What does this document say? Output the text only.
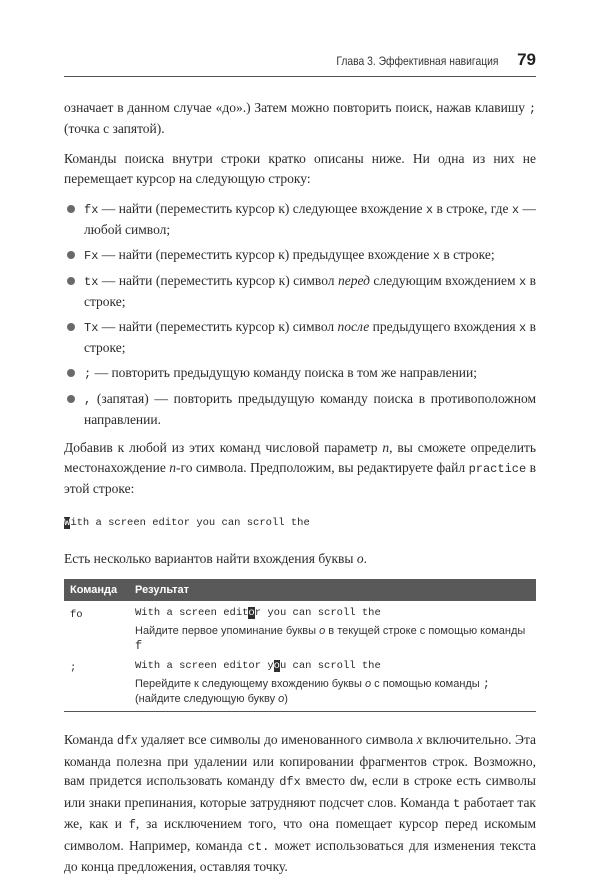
Глава 3. Эффективная навигация 79

означает в данном случае «до».) Затем можно повторить поиск, нажав клавишу ; (точка с запятой).

Команды поиска внутри строки кратко описаны ниже. Ни одна из них не перемещает курсор на следующую строку:

fx — найти (переместить курсор к) следующее вхождение x в строке, где x — любой символ;
Fx — найти (переместить курсор к) предыдущее вхождение x в строке;
tx — найти (переместить курсор к) символ перед следующим вхождением x в строке;
Tx — найти (переместить курсор к) символ после предыдущего вхождения x в строке;
; — повторить предыдущую команду поиска в том же направлении;
, (запятая) — повторить предыдущую команду поиска в противоположном направлении.

Добавив к любой из этих команд числовой параметр n, вы сможете определить местонахождение n-го символа. Предположим, вы редактируете файл practice в этой строке:

With a screen editor you can scroll the

Есть несколько вариантов найти вхождения буквы о.

Команда	Результат
fo	With a screen editor you can scroll the
Найдите первое упоминание буквы o в текущей строке с помощью команды f

;	With a screen editor you can scroll the
Перейдите к следующему вхождению буквы o с помощью команды ; (найдите следующую букву o)

Команда dfx удаляет все символы до именованного символа x включительно. Эта команда полезна при удалении или копировании фрагментов строк. Возможно, вам придется использовать команду dfx вместо dw, если в строке есть символы или знаки препинания, которые затрудняют подсчет слов. Команда t работает так же, как и f, за исключением того, что она помещает курсор перед искомым символом. Например, команда ct. может использоваться для изменения текста до конца предложения, оставляя точку.
